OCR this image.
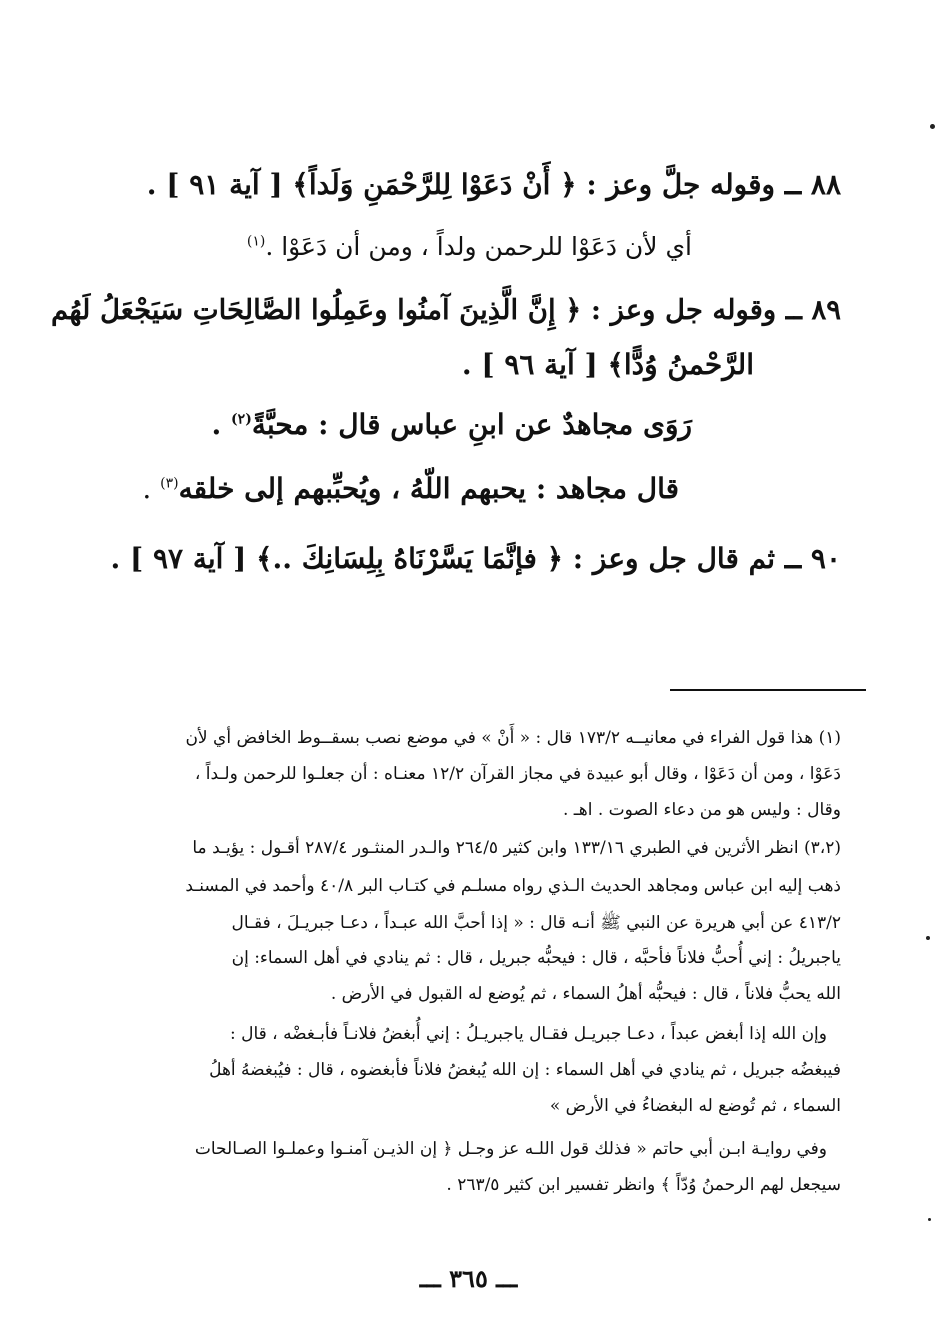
٨٨ ــ وقوله جلَّ وعز : ﴿ أَنْ دَعَوْا لِلرَّحْمَنِ وَلَداً﴾ [ آية ٩١ ] .
أي لأن دَعَوْا للرحمن ولداً ، ومن أن دَعَوْا .$^{(١)}$
٨٩ ــ وقوله جل وعز : ﴿ إِنَّ الَّذِينَ آمنُوا وعَمِلُوا الصَّالِحَاتِ سَيَجْعَلُ لَهُم
الرَّحْمنُ وُدًّا﴾ [ آية ٩٦ ] .
رَوَى مجاهدٌ عن ابنِ عباس قال : محبَّةً$^{(٢)}$ .
قال مجاهد : يحبهم اللّهُ ، ويُحبِّبهم إلى خلقه$^{(٣)}$ .
٩٠ ــ ثم قال جل وعز : ﴿ فإنَّمَا يَسَّرْنَاهُ بِلِسَانِكَ ..﴾ [ آية ٩٧ ] .
(١) هذا قول الفراء في معانيــه ١٧٣/٢ قال : « أَنْ » في موضع نصب بسقــوط الخافض أي لأن
دَعَوْا ، ومن أن دَعَوْا ، وقال أبو عبيدة في مجاز القرآن ١٢/٢ معنـاه : أن جعلـوا للرحمن ولـداً ،
وقال : وليس هو من دعاء الصوت . اهـ .
(٣،٢) انظر الأثرين في الطبري ١٣٣/١٦ وابن كثير ٢٦٤/٥ والـدر المنثـور ٢٨٧/٤ أقـول : يؤيـد ما
ذهب إليه ابن عباس ومجاهد الحديث الـذي رواه مسلـم في كتـاب البر ٤٠/٨ وأحمد في المسنـد
٤١٣/٢ عن أبي هريرة عن النبي ﷺ أنـه قال : « إذا أحبَّ الله عبـداً ، دعـا جبريـلَ ، فقـال
ياجبريلُ : إني أُحبُّ فلاناً فأحبَّه ، قال : فيحبُّه جبريل ، قال : ثم ينادي في أهل السماء: إن
الله يحبُّ فلاناً ، قال : فيحبُّه أهلُ السماء ، ثم يُوضع له القبول في الأرض .
وإن الله إذا أبغض عبداً ، دعـا جبريـل فقـال ياجبريـلُ : إني أُبغضُ فلانـاً فأبـغضْه ، قال :
فيبغضُه جبريل ، ثم ينادي في أهل السماء : إن الله يُبغضُ فلاناً فأبغضوه ، قال : فيُبغضهُ أهلُ
السماء ، ثم تُوضع له البغضاءُ في الأرض »
وفي روايـة ابـن أبي حاتم « فذلك قول اللـه عز وجـل ﴿ إن الذيـن آمنـوا وعملـوا الصـالحات
سيجعل لهم الرحمنُ وُدّاً ﴾ وانظر تفسير ابن كثير ٢٦٣/٥ .
ـــ ٣٦٥ ـــ
